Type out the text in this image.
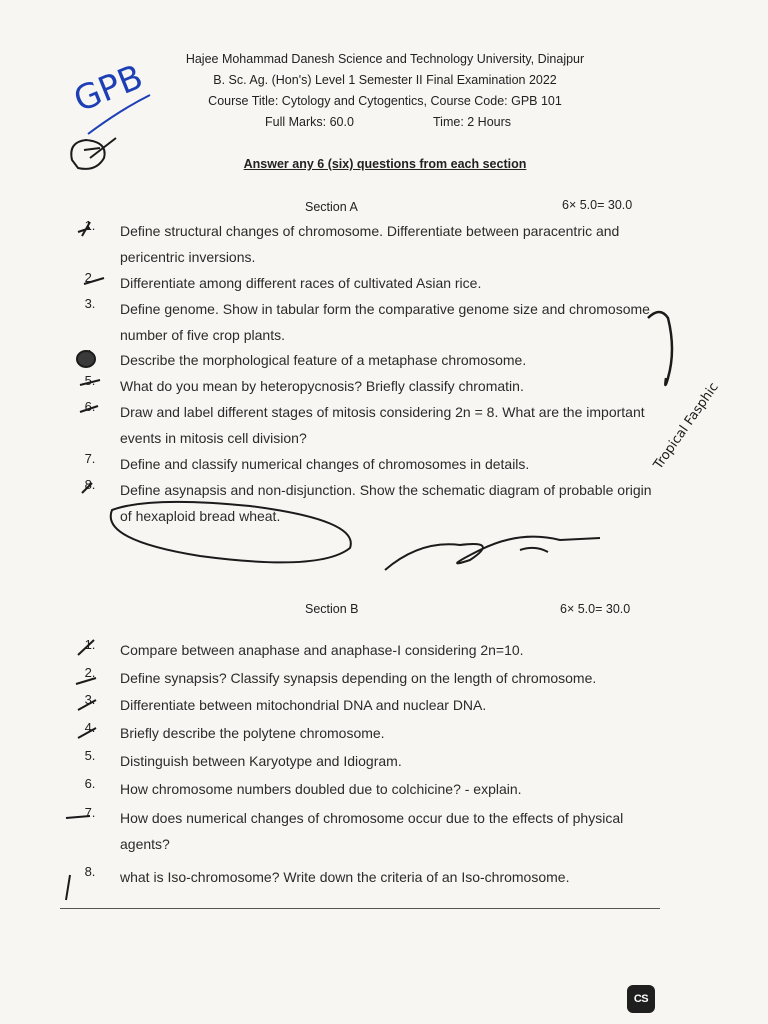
Hajee Mohammad Danesh Science and Technology University, Dinajpur
B. Sc. Ag. (Hon's) Level 1 Semester II Final Examination 2022
Course Title: Cytology and Cytogentics, Course Code: GPB 101
Full Marks: 60.0	Time: 2 Hours
Answer any 6 (six) questions from each section
Section A	6× 5.0= 30.0
1.	Define structural changes of chromosome. Differentiate between paracentric and pericentric inversions.
2.	Differentiate among different races of cultivated Asian rice.
3.	Define genome. Show in tabular form the comparative genome size and chromosome number of five crop plants.
Describe the morphological feature of a metaphase chromosome.
5.	What do you mean by heteropycnosis? Briefly classify chromatin.
6.	Draw and label different stages of mitosis considering 2n = 8. What are the important events in mitosis cell division?
7.	Define and classify numerical changes of chromosomes in details.
8.	Define asynapsis and non-disjunction. Show the schematic diagram of probable origin of hexaploid bread wheat.
Section B	6× 5.0= 30.0
1.	Compare between anaphase and anaphase-I considering 2n=10.
2.	Define synapsis? Classify synapsis depending on the length of chromosome.
3.	Differentiate between mitochondrial DNA and nuclear DNA.
4.	Briefly describe the polytene chromosome.
5.	Distinguish between Karyotype and Idiogram.
6.	How chromosome numbers doubled due to colchicine? - explain.
7.	How does numerical changes of chromosome occur due to the effects of physical agents?
8.	what is Iso-chromosome? Write down the criteria of an Iso-chromosome.
GPB
Tropical Fasphic
CS
